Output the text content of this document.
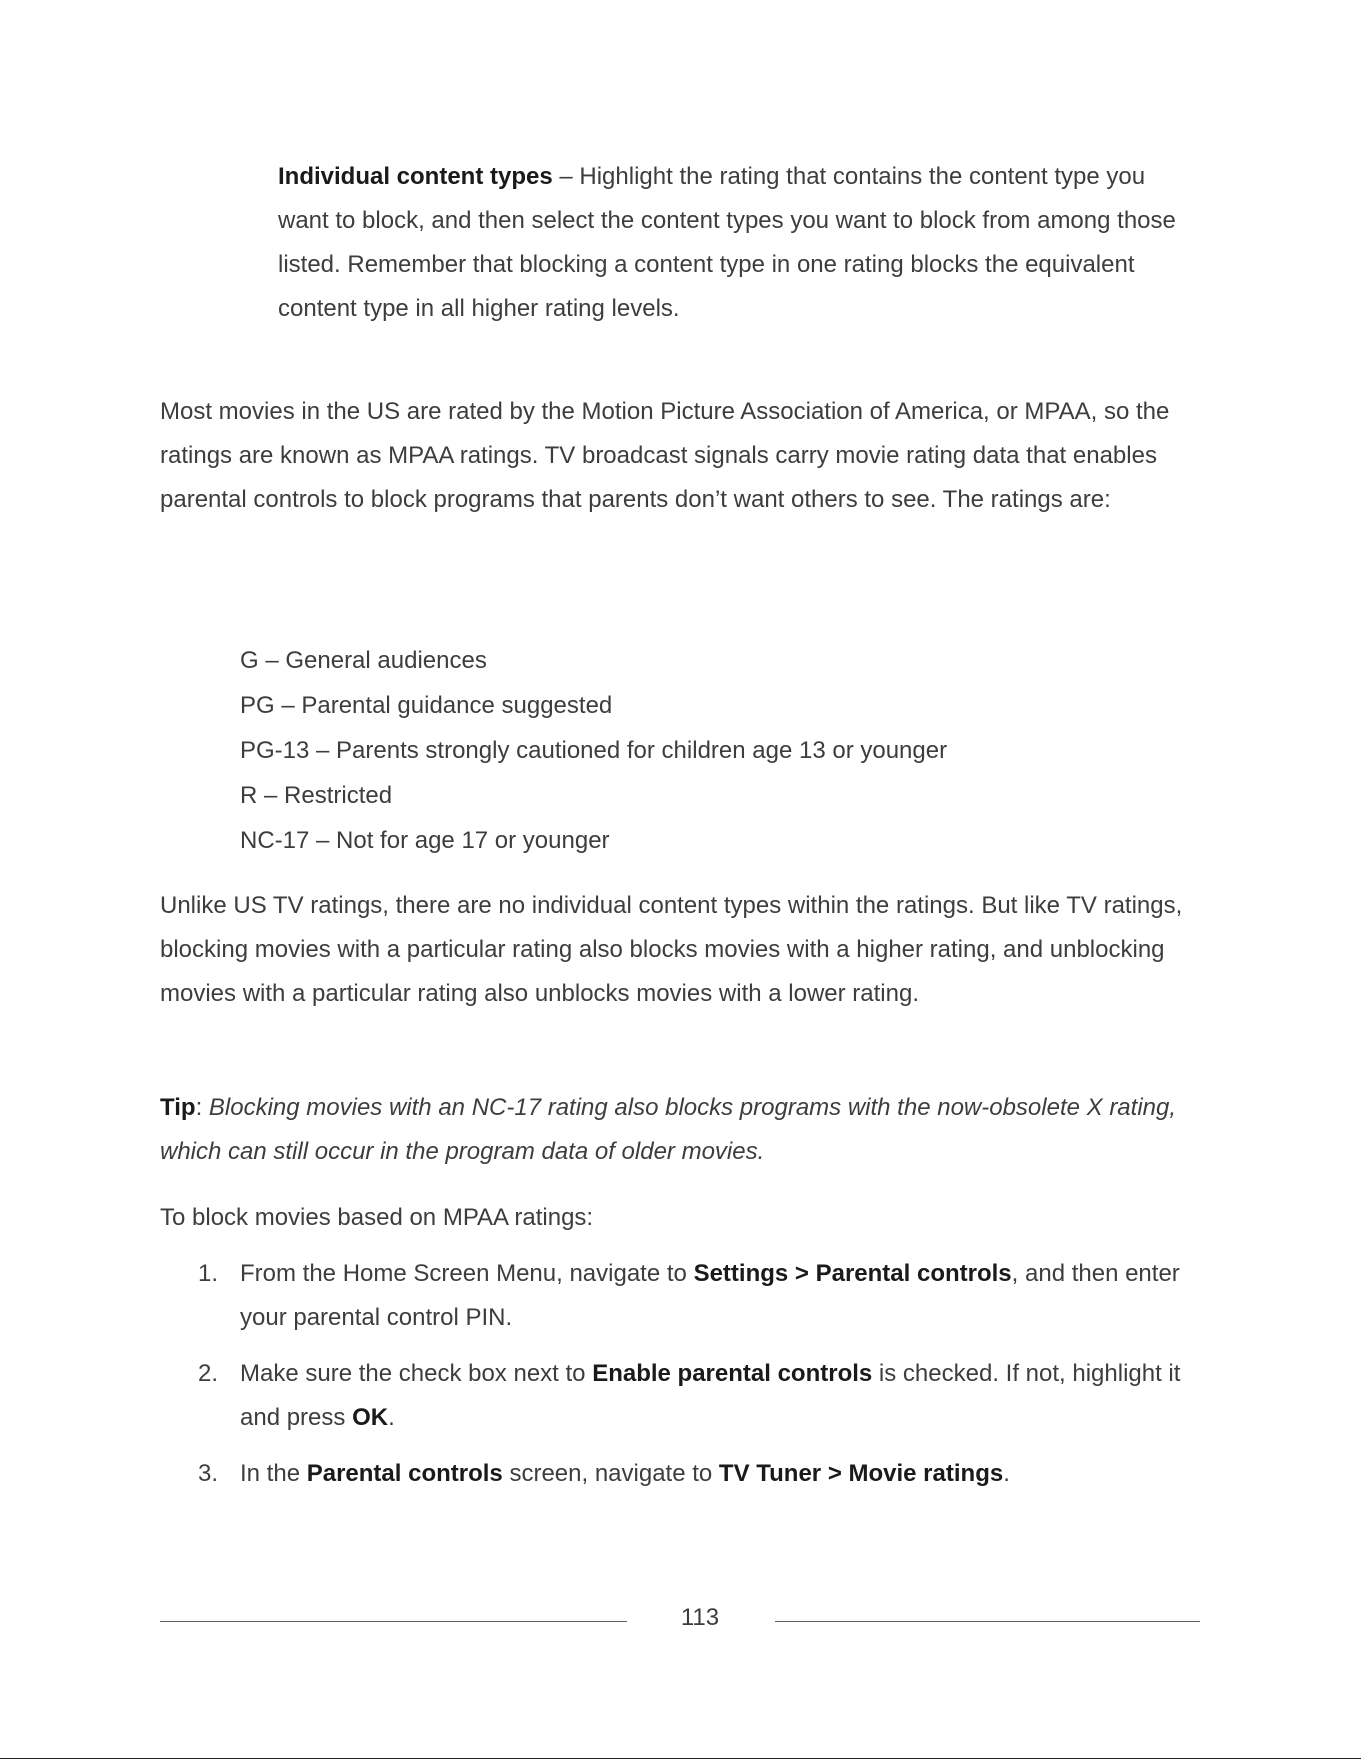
Individual content types – Highlight the rating that contains the content type you want to block, and then select the content types you want to block from among those listed. Remember that blocking a content type in one rating blocks the equivalent content type in all higher rating levels.

Most movies in the US are rated by the Motion Picture Association of America, or MPAA, so the ratings are known as MPAA ratings. TV broadcast signals carry movie rating data that enables parental controls to block programs that parents don’t want others to see. The ratings are:

G – General audiences
PG – Parental guidance suggested
PG-13 – Parents strongly cautioned for children age 13 or younger
R – Restricted
NC-17 – Not for age 17 or younger

Unlike US TV ratings, there are no individual content types within the ratings. But like TV ratings, blocking movies with a particular rating also blocks movies with a higher rating, and unblocking movies with a particular rating also unblocks movies with a lower rating.

Tip: Blocking movies with an NC-17 rating also blocks programs with the now-obsolete X rating, which can still occur in the program data of older movies.

To block movies based on MPAA ratings:

1. From the Home Screen Menu, navigate to Settings > Parental controls, and then enter your parental control PIN.
2. Make sure the check box next to Enable parental controls is checked. If not, highlight it and press OK.
3. In the Parental controls screen, navigate to TV Tuner > Movie ratings.
113
